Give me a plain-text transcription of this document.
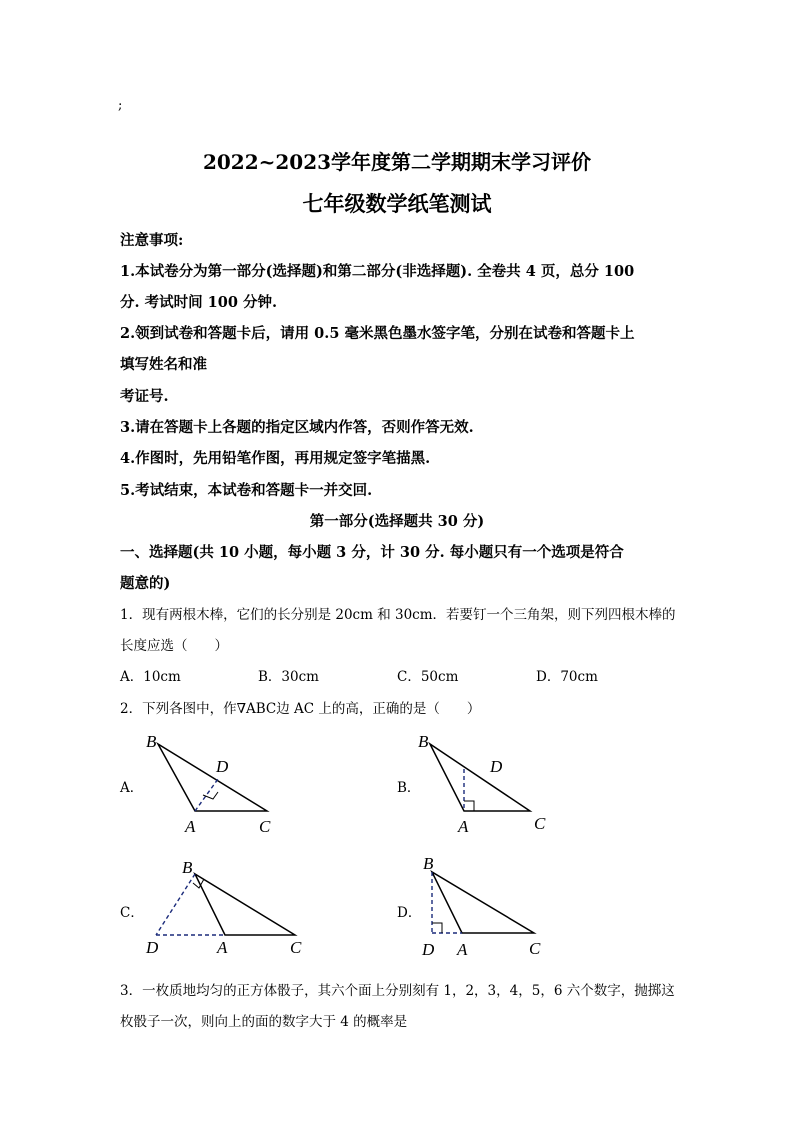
;
2022~2023学年度第二学期期末学习评价
七年级数学纸笔测试
注意事项:
1.本试卷分为第一部分(选择题)和第二部分(非选择题). 全卷共 4 页，总分 100
分. 考试时间 100 分钟.
2.领到试卷和答题卡后，请用 0.5 毫米黑色墨水签字笔，分别在试卷和答题卡上
填写姓名和准
考证号.
3.请在答题卡上各题的指定区域内作答，否则作答无效.
4.作图时，先用铅笔作图，再用规定签字笔描黑.
5.考试结束，本试卷和答题卡一并交回.
第一部分(选择题共 30 分)
一、选择题(共 10 小题，每小题 3 分，计 30 分. 每小题只有一个选项是符合
题意的)
1．现有两根木棒，它们的长分别是 20cm 和 30cm．若要钉一个三角架，则下列四根木棒的
长度应选（　　）
A．10cm	B．30cm	C．50cm	D．70cm
2．下列各图中，作∇ABC边 AC 上的高，正确的是（　　）
A．	B．
C．	D．
B
D
A	C
B
D
A	C
B
D	A	C
B
D A	C
3．一枚质地均匀的正方体骰子，其六个面上分别刻有 1，2，3，4，5，6 六个数字，抛掷这
枚骰子一次，则向上的面的数字大于 4 的概率是
